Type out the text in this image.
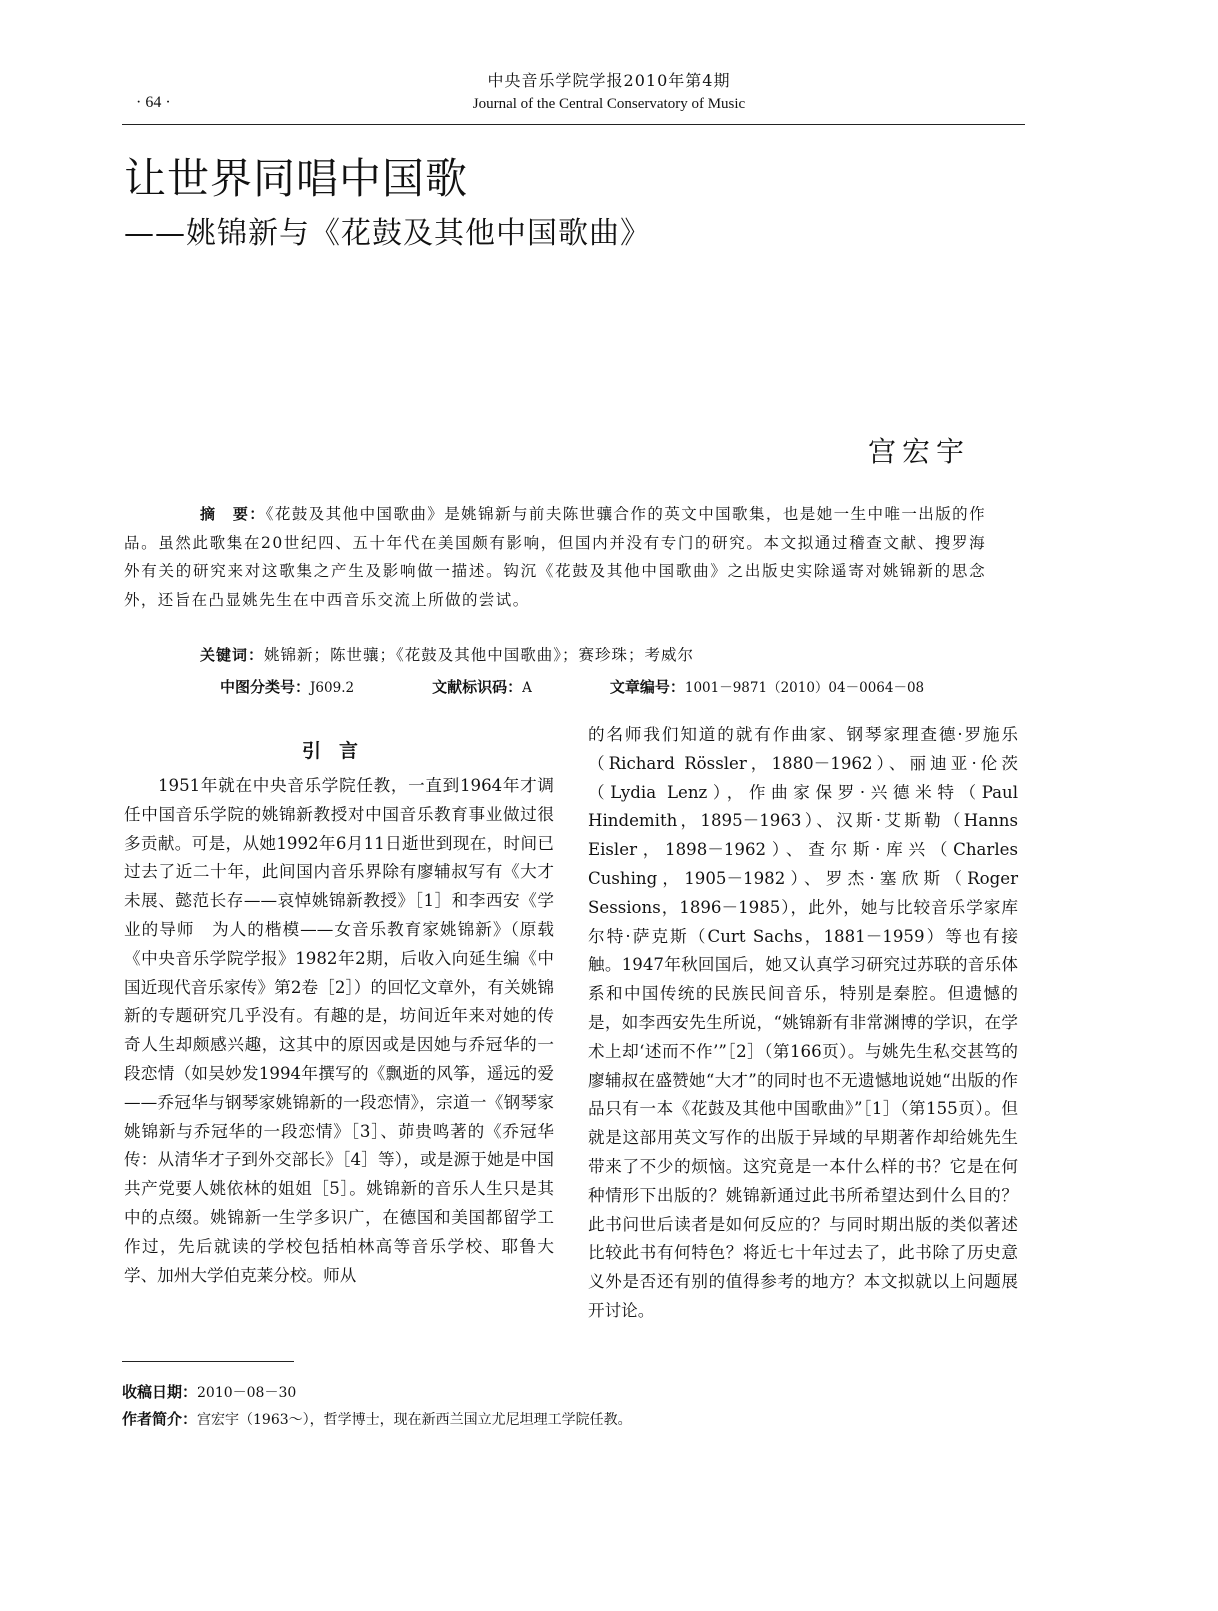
中央音乐学院学报2010年第4期
· 64 ·	Journal of the Central Conservatory of Music
让世界同唱中国歌
——姚锦新与《花鼓及其他中国歌曲》
宫宏宇
摘　要：《花鼓及其他中国歌曲》是姚锦新与前夫陈世骧合作的英文中国歌集，也是她一生中唯一出版的作品。虽然此歌集在20世纪四、五十年代在美国颇有影响，但国内并没有专门的研究。本文拟通过稽查文献、搜罗海外有关的研究来对这歌集之产生及影响做一描述。钩沉《花鼓及其他中国歌曲》之出版史实除遥寄对姚锦新的思念外，还旨在凸显姚先生在中西音乐交流上所做的尝试。
关键词：姚锦新；陈世骧；《花鼓及其他中国歌曲》；赛珍珠；考威尔
中图分类号：J609.2	文献标识码：A	文章编号：1001－9871（2010）04－0064－08
引言

1951年就在中央音乐学院任教，一直到1964年才调任中国音乐学院的姚锦新教授对中国音乐教育事业做过很多贡献。可是，从她1992年6月11日逝世到现在，时间已过去了近二十年，此间国内音乐界除有廖辅叔写有《大才未展、懿范长存——哀悼姚锦新教授》［1］和李西安《学业的导师　为人的楷模——女音乐教育家姚锦新》（原载《中央音乐学院学报》1982年2期，后收入向延生编《中国近现代音乐家传》第2卷［2］）的回忆文章外，有关姚锦新的专题研究几乎没有。有趣的是，坊间近年来对她的传奇人生却颇感兴趣，这其中的原因或是因她与乔冠华的一段恋情（如吴妙发1994年撰写的《飘逝的风筝，遥远的爱——乔冠华与钢琴家姚锦新的一段恋情》，宗道一《钢琴家姚锦新与乔冠华的一段恋情》［3］、茆贵鸣著的《乔冠华传：从清华才子到外交部长》［4］等），或是源于她是中国共产党要人姚依林的姐姐［5］。姚锦新的音乐人生只是其中的点缀。姚锦新一生学多识广，在德国和美国都留学工作过，先后就读的学校包括柏林高等音乐学校、耶鲁大学、加州大学伯克莱分校。师从

的名师我们知道的就有作曲家、钢琴家理查德·罗施乐（Richard Rössler，1880－1962）、丽迪亚·伦茨（Lydia Lenz），作曲家保罗·兴德米特（Paul Hindemith，1895－1963）、汉斯·艾斯勒（Hanns Eisler，1898－1962）、查尔斯·库兴（Charles Cushing，1905－1982）、罗杰·塞欣斯（Roger Sessions，1896－1985），此外，她与比较音乐学家库尔特·萨克斯（Curt Sachs，1881－1959）等也有接触。1947年秋回国后，她又认真学习研究过苏联的音乐体系和中国传统的民族民间音乐，特别是秦腔。但遗憾的是，如李西安先生所说，“姚锦新有非常渊博的学识，在学术上却‘述而不作’”［2］（第166页）。与姚先生私交甚笃的廖辅叔在盛赞她“大才”的同时也不无遗憾地说她“出版的作品只有一本《花鼓及其他中国歌曲》”［1］（第155页）。但就是这部用英文写作的出版于异域的早期著作却给姚先生带来了不少的烦恼。这究竟是一本什么样的书？它是在何种情形下出版的？姚锦新通过此书所希望达到什么目的？此书问世后读者是如何反应的？与同时期出版的类似著述比较此书有何特色？将近七十年过去了，此书除了历史意义外是否还有别的值得参考的地方？本文拟就以上问题展开讨论。

收稿日期：2010－08－30
作者简介：宫宏宇（1963～），哲学博士，现在新西兰国立尤尼坦理工学院任教。
